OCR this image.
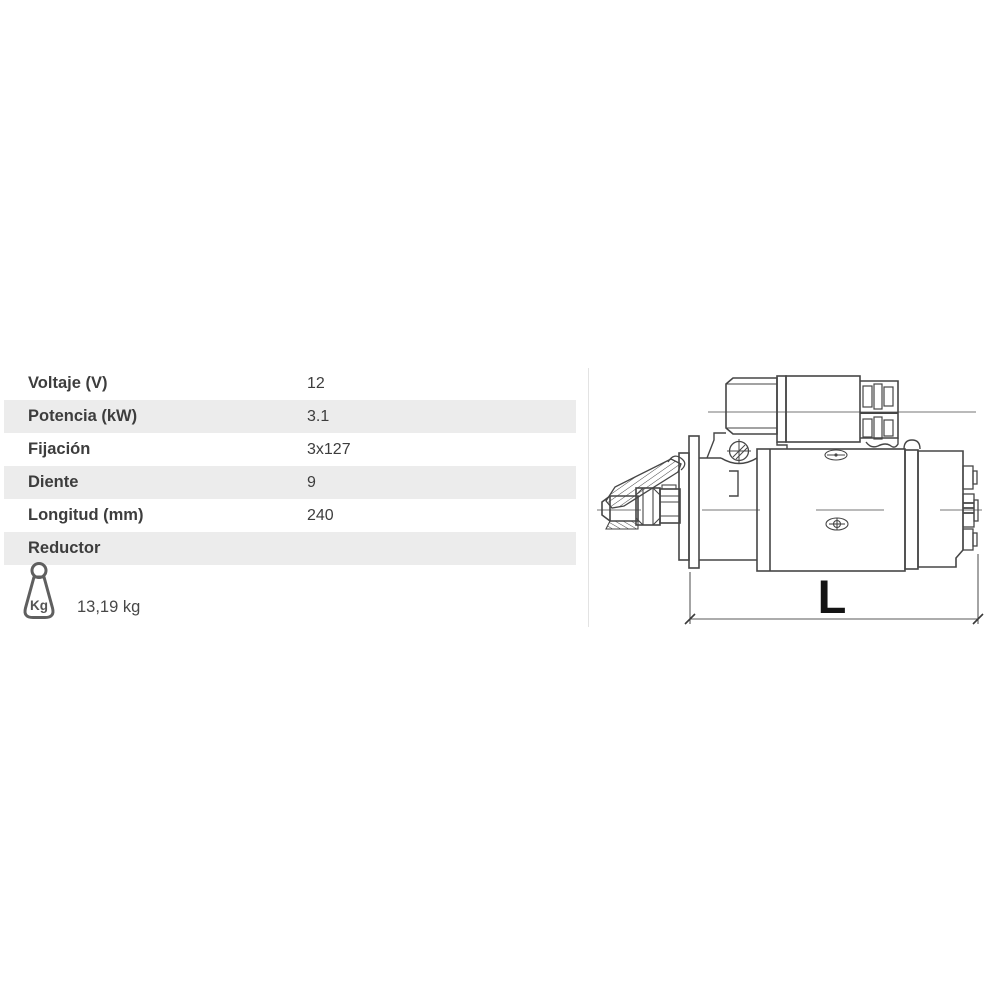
Voltaje (V)	12
Potencia (kW)	3.1
Fijación	3x127
Diente	9
Longitud (mm)	240
Reductor
Kg 13,19 kg	L
